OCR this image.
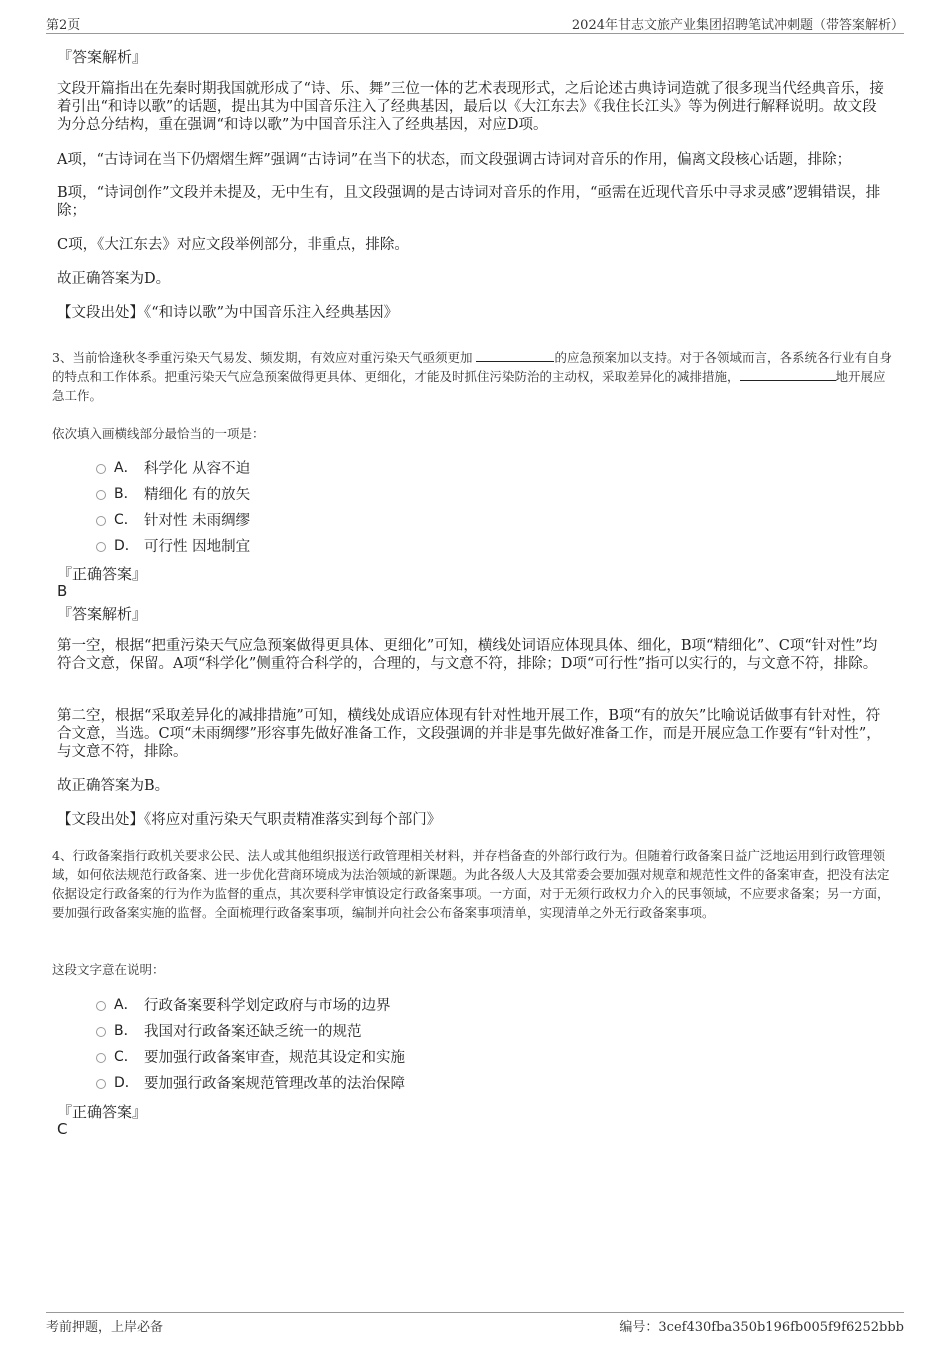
第2页	2024年甘志文旅产业集团招聘笔试冲刺题（带答案解析）
『答案解析』
文段开篇指出在先秦时期我国就形成了“诗、乐、舞”三位一体的艺术表现形式，之后论述古典诗词造就了很多现当代经典音乐，接着引出“和诗以歌”的话题，提出其为中国音乐注入了经典基因，最后以《大江东去》《我住长江头》等为例进行解释说明。故文段为分总分结构，重在强调“和诗以歌”为中国音乐注入了经典基因，对应D项。
A项，“古诗词在当下仍熠熠生辉”强调“古诗词”在当下的状态，而文段强调古诗词对音乐的作用，偏离文段核心话题，排除；
B项，“诗词创作”文段并未提及，无中生有，且文段强调的是古诗词对音乐的作用，“亟需在近现代音乐中寻求灵感”逻辑错误，排除；
C项，《大江东去》对应文段举例部分，非重点，排除。
故正确答案为D。
【文段出处】《“和诗以歌”为中国音乐注入经典基因》
3、当前恰逢秋冬季重污染天气易发、频发期，有效应对重污染天气亟须更加	的应急预案加以支持。对于各领域而言，各系统各行业有自身的特点和工作体系。把重污染天气应急预案做得更具体、更细化，才能及时抓住污染防治的主动权，采取差异化的减排措施，	地开展应急工作。
依次填入画横线部分最恰当的一项是：
A． 科学化 从容不迫
B． 精细化 有的放矢
C． 针对性 未雨绸缪
D． 可行性 因地制宜
『正确答案』
B
『答案解析』
第一空，根据“把重污染天气应急预案做得更具体、更细化”可知，横线处词语应体现具体、细化，B项“精细化”、C项“针对性”均符合文意，保留。A项“科学化”侧重符合科学的，合理的，与文意不符，排除；D项“可行性”指可以实行的，与文意不符，排除。
第二空，根据“采取差异化的减排措施”可知，横线处成语应体现有针对性地开展工作，B项“有的放矢”比喻说话做事有针对性，符合文意，当选。C项“未雨绸缪”形容事先做好准备工作，文段强调的并非是事先做好准备工作，而是开展应急工作要有“针对性”，与文意不符，排除。
故正确答案为B。
【文段出处】《将应对重污染天气职责精准落实到每个部门》
4、行政备案指行政机关要求公民、法人或其他组织报送行政管理相关材料，并存档备查的外部行政行为。但随着行政备案日益广泛地运用到行政管理领域，如何依法规范行政备案、进一步优化营商环境成为法治领域的新课题。为此各级人大及其常委会要加强对规章和规范性文件的备案审查，把没有法定依据设定行政备案的行为作为监督的重点，其次要科学审慎设定行政备案事项。一方面，对于无须行政权力介入的民事领域，不应要求备案；另一方面，要加强行政备案实施的监督。全面梳理行政备案事项，编制并向社会公布备案事项清单，实现清单之外无行政备案事项。
这段文字意在说明：
A． 行政备案要科学划定政府与市场的边界
B． 我国对行政备案还缺乏统一的规范
C． 要加强行政备案审查，规范其设定和实施
D． 要加强行政备案规范管理改革的法治保障
『正确答案』
C
考前押题，上岸必备	编号：3cef430fba350b196fb005f9f6252bbb
